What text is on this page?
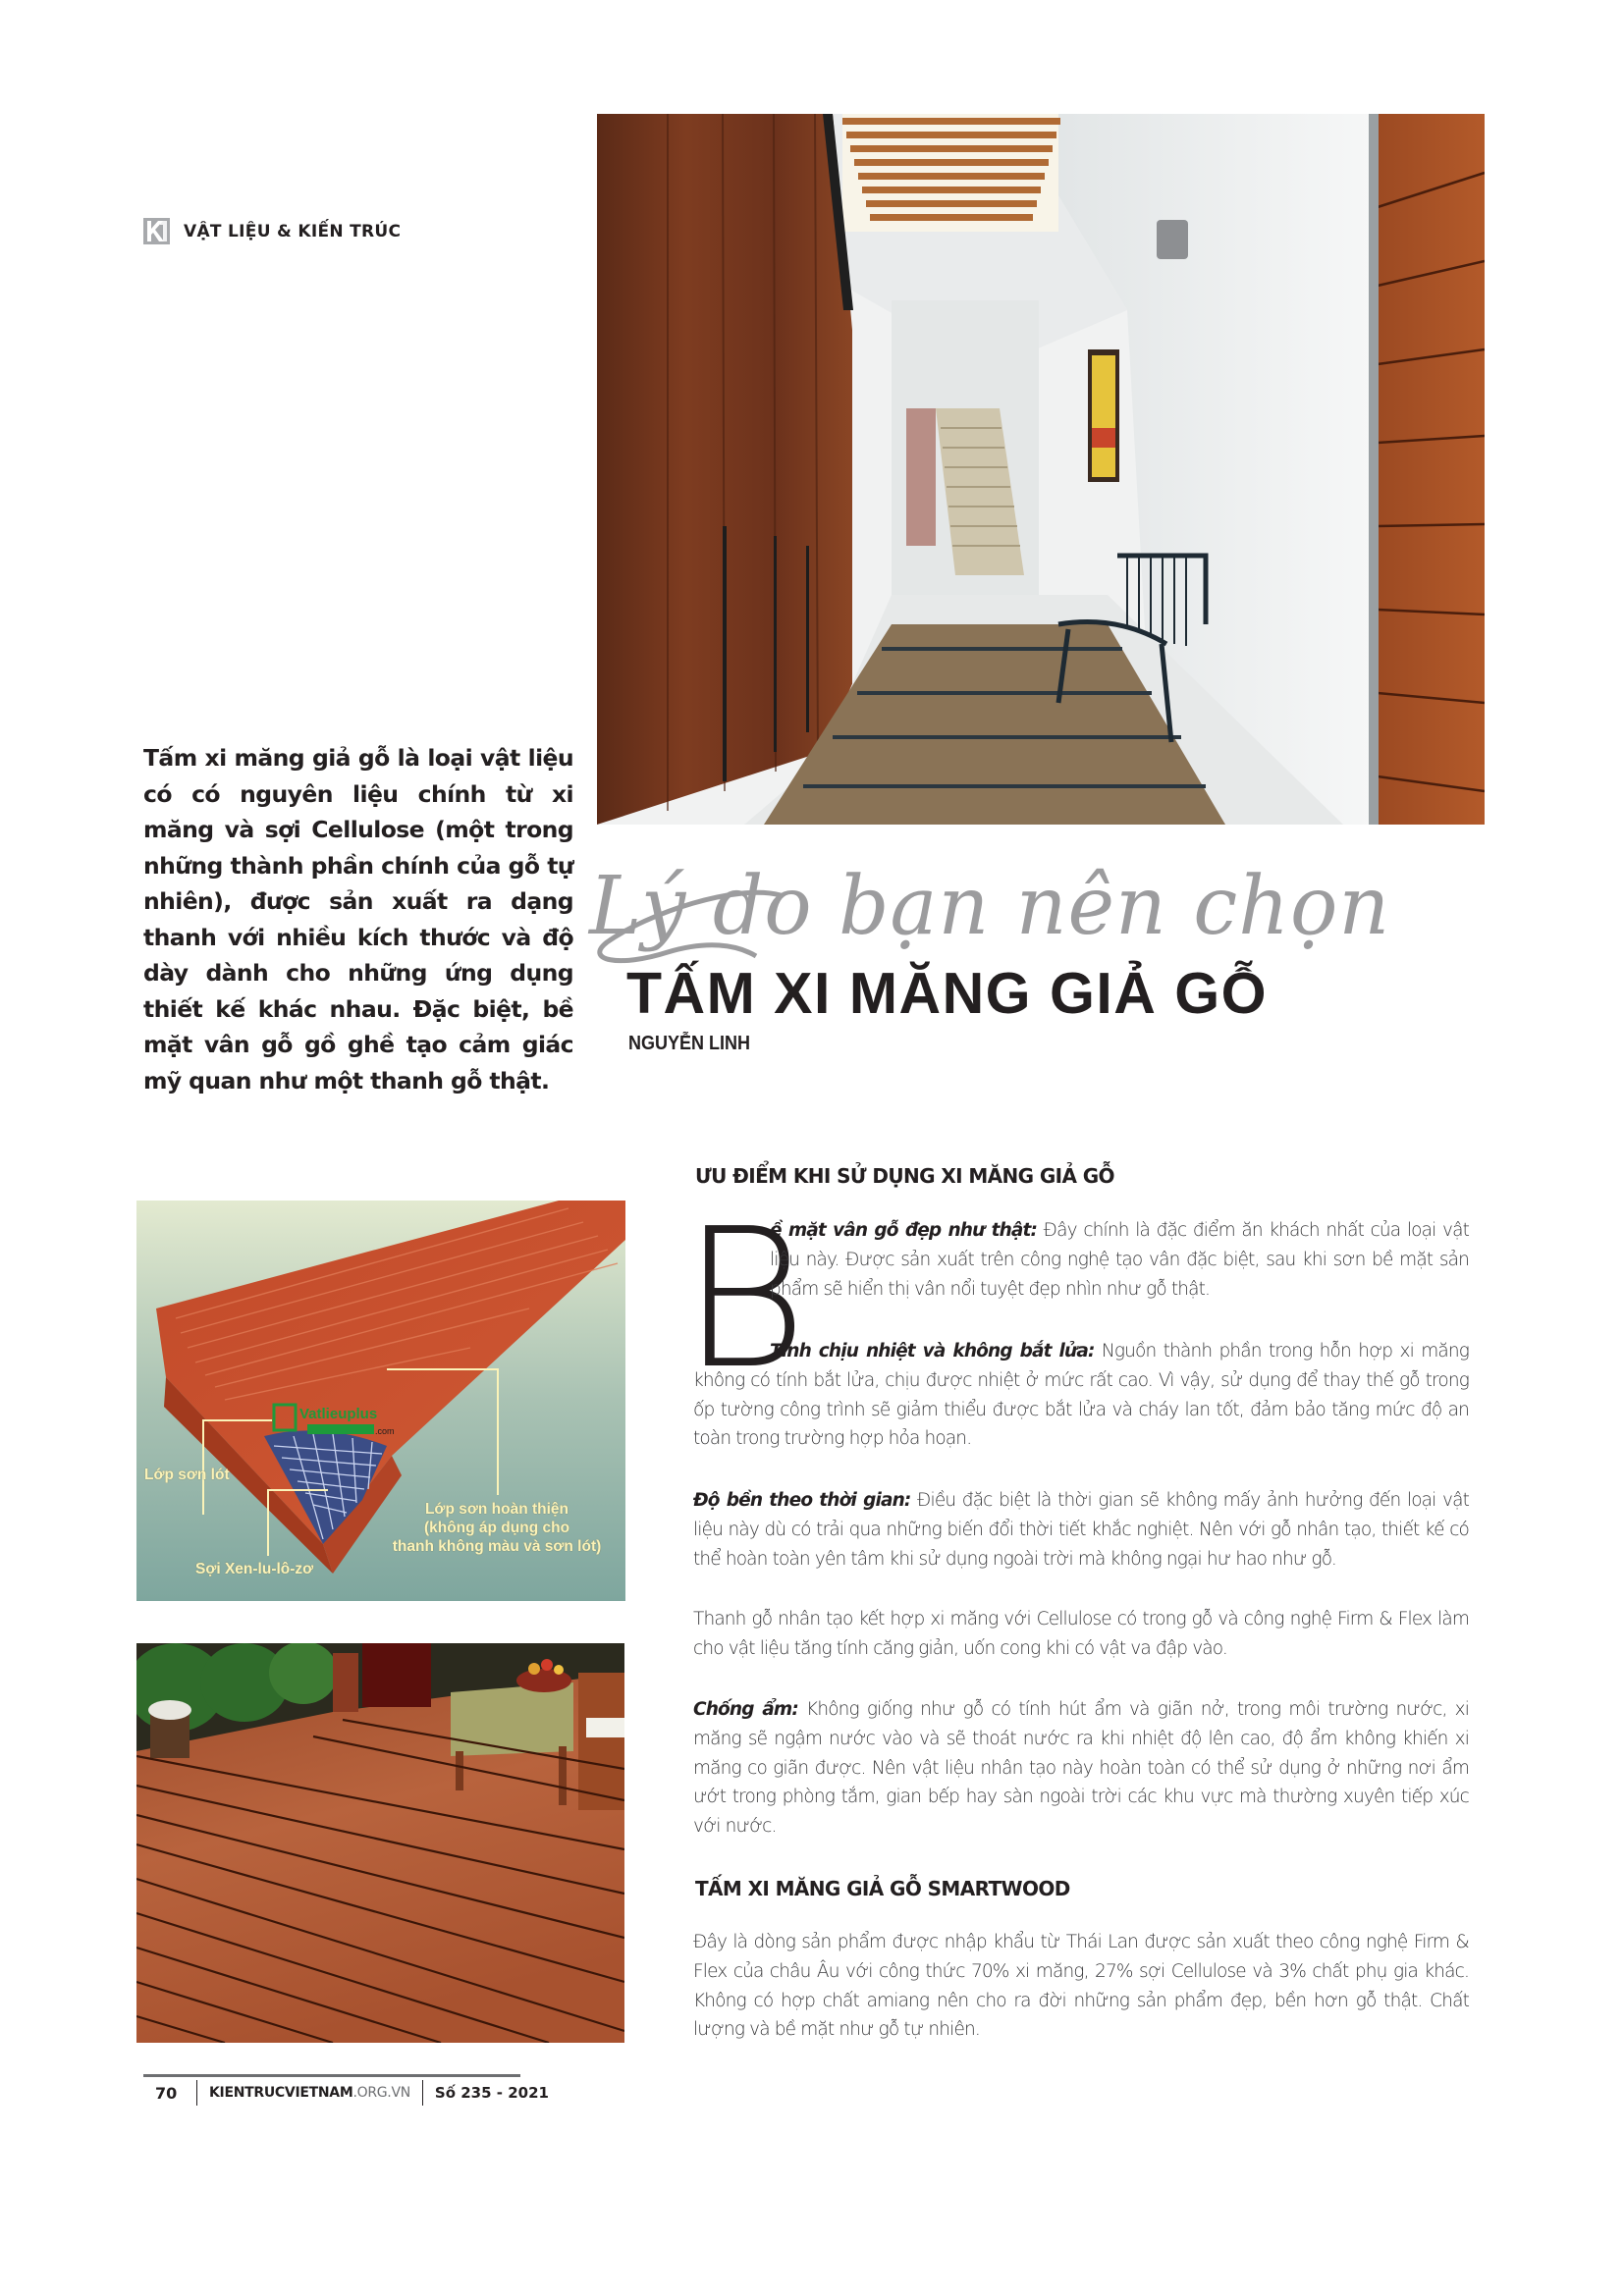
VẬT LIỆU & KIẾN TRÚC
Tấm xi măng giả gỗ là loại vật liệu có có nguyên liệu chính từ xi măng và sợi Cellulose (một trong những thành phần chính của gỗ tự nhiên), được sản xuất ra dạng thanh với nhiều kích thước và độ dày dành cho những ứng dụng thiết kế khác nhau. Đặc biệt, bề mặt vân gỗ gồ ghề tạo cảm giác mỹ quan như một thanh gỗ thật.
Lý do bạn nên chọn
TẤM XI MĂNG GIẢ GỖ
NGUYỄN LINH
Vatlieuplus
.com
Lớp sơn lót
Sợi Xen-lu-lô-zơ
Lớp sơn hoàn thiện
(không áp dụng cho
thanh không màu và sơn lót)
ƯU ĐIỂM KHI SỬ DỤNG XI MĂNG GIẢ GỖ
B
ề mặt vân gỗ đẹp như thật: Đây chính là đặc điểm ăn khách nhất của loại vật liệu này. Được sản xuất trên công nghệ tạo vân đặc biệt, sau khi sơn bề mặt sản phẩm sẽ hiển thị vân nổi tuyệt đẹp nhìn như gỗ thật.
Tính chịu nhiệt và không bắt lửa: Nguồn thành phần trong hỗn hợp xi măng không có tính bắt lửa, chịu được nhiệt ở mức rất cao. Vì vậy, sử dụng để thay thế gỗ trong ốp tường công trình sẽ giảm thiểu được bắt lửa và cháy lan tốt, đảm bảo tăng mức độ an toàn trong trường hợp hỏa hoạn.
Độ bền theo thời gian: Điều đặc biệt là thời gian sẽ không mấy ảnh hưởng đến loại vật liệu này dù có trải qua những biến đổi thời tiết khắc nghiệt. Nên với gỗ nhân tạo, thiết kế có thể hoàn toàn yên tâm khi sử dụng ngoài trời mà không ngại hư hao như gỗ.
Thanh gỗ nhân tạo kết hợp xi măng với Cellulose có trong gỗ và công nghệ Firm & Flex làm cho vật liệu tăng tính căng giản, uốn cong khi có vật va đập vào.
Chống ẩm: Không giống như gỗ có tính hút ẩm và giãn nở, trong môi trường nước, xi măng sẽ ngậm nước vào và sẽ thoát nước ra khi nhiệt độ lên cao, độ ẩm không khiến xi măng co giãn được. Nên vật liệu nhân tạo này hoàn toàn có thể sử dụng ở những nơi ẩm ướt trong phòng tắm, gian bếp hay sàn ngoài trời các khu vực mà thường xuyên tiếp xúc với nước.
TẤM XI MĂNG GIẢ GỖ SMARTWOOD
Đây là dòng sản phẩm được nhập khẩu từ Thái Lan được sản xuất theo công nghệ Firm & Flex của châu Âu với công thức 70% xi măng, 27% sợi Cellulose và 3% chất phụ gia khác. Không có hợp chất amiang nên cho ra đời những sản phẩm đẹp, bền hơn gỗ thật. Chất lượng và bề mặt như gỗ tự nhiên.
70	KIENTRUCVIETNAM .ORG.VN Số 235 - 2021
